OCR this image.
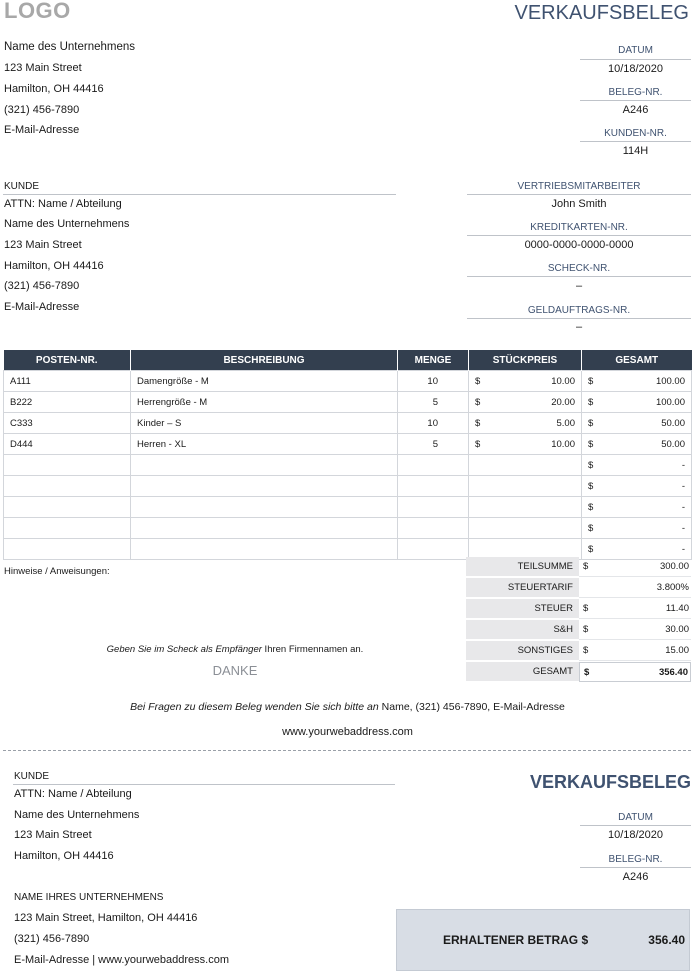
LOGO	VERKAUFSBELEG
Name des Unternehmens
123 Main Street
Hamilton, OH 44416
(321) 456-7890
E-Mail-Adresse
DATUM
10/18/2020
BELEG-NR.
A246
KUNDEN-NR.
114H
KUNDE
ATTN: Name / Abteilung
Name des Unternehmens
123 Main Street
Hamilton, OH 44416
(321) 456-7890
E-Mail-Adresse
VERTRIEBSMITARBEITER
John Smith
KREDITKARTEN-NR.
0000-0000-0000-0000
SCHECK-NR.
–
GELDAUFTRAGS-NR.
–
POSTEN-NR.	BESCHREIBUNG	MENGE	STÜCKPREIS	GESAMT
A111	Damengröße - M	10	$ 10.00	$ 100.00

B222	Herrengröße - M	5	$ 20.00	$ 100.00

C333	Kinder – S	10	$ 5.00	$ 50.00

D444	Herren - XL	5	$ 10.00	$ 50.00

				$ -

				$ -

				$ -

				$ -

				$ -
Hinweise / Anweisungen:	TEILSUMME	$	300.00
STEUERTARIF	3.800%
STEUER	$	11.40
S&H	$	30.00
SONSTIGES	$	15.00
GESAMT	$	356.40
Geben Sie im Scheck als Empfänger Ihren Firmennamen an.
DANKE
Bei Fragen zu diesem Beleg wenden Sie sich bitte an Name, (321) 456-7890, E-Mail-Adresse
www.yourwebaddress.com
KUNDE
ATTN: Name / Abteilung
Name des Unternehmens
123 Main Street
Hamilton, OH 44416
VERKAUFSBELEG
DATUM
10/18/2020
BELEG-NR.
A246
NAME IHRES UNTERNEHMENS
123 Main Street, Hamilton, OH 44416
(321) 456-7890
E-Mail-Adresse | www.yourwebaddress.com
ERHALTENER BETRAG $	356.40
